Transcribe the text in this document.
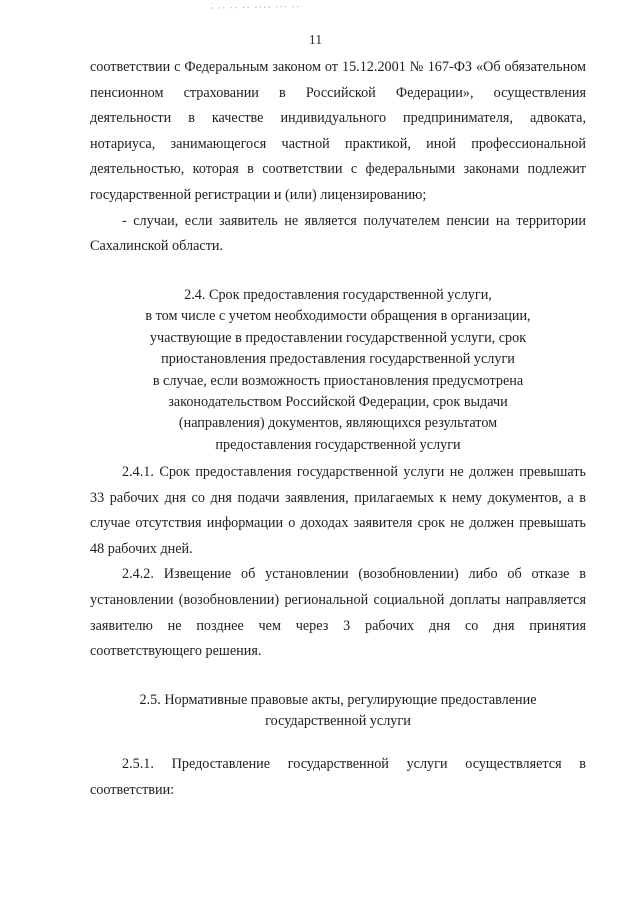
·́ ·· ·· ·· ···· ··· ··
11

соответствии с Федеральным законом от 15.12.2001 № 167-ФЗ «Об обязательном пенсионном страховании в Российской Федерации», осуществления деятельности в качестве индивидуального предпринимателя, адвоката, нотариуса, занимающегося частной практикой, иной профессиональной деятельностью, которая в соответствии с федеральными законами подлежит государственной регистрации и (или) лицензированию;

- случаи, если заявитель не является получателем пенсии на территории Сахалинской области.

2.4. Срок предоставления государственной услуги,
в том числе с учетом необходимости обращения в организации,
участвующие в предоставлении государственной услуги, срок
приостановления предоставления государственной услуги
в случае, если возможность приостановления предусмотрена
законодательством Российской Федерации, срок выдачи
(направления) документов, являющихся результатом
предоставления государственной услуги

2.4.1. Срок предоставления государственной услуги не должен превышать 33 рабочих дня со дня подачи заявления, прилагаемых к нему документов, а в случае отсутствия информации о доходах заявителя срок не должен превышать 48 рабочих дней.

2.4.2. Извещение об установлении (возобновлении) либо об отказе в установлении (возобновлении) региональной социальной доплаты направляется заявителю не позднее чем через 3 рабочих дня со дня принятия соответствующего решения.

2.5. Нормативные правовые акты, регулирующие предоставление
государственной услуги

2.5.1. Предоставление государственной услуги осуществляется в соответствии:
